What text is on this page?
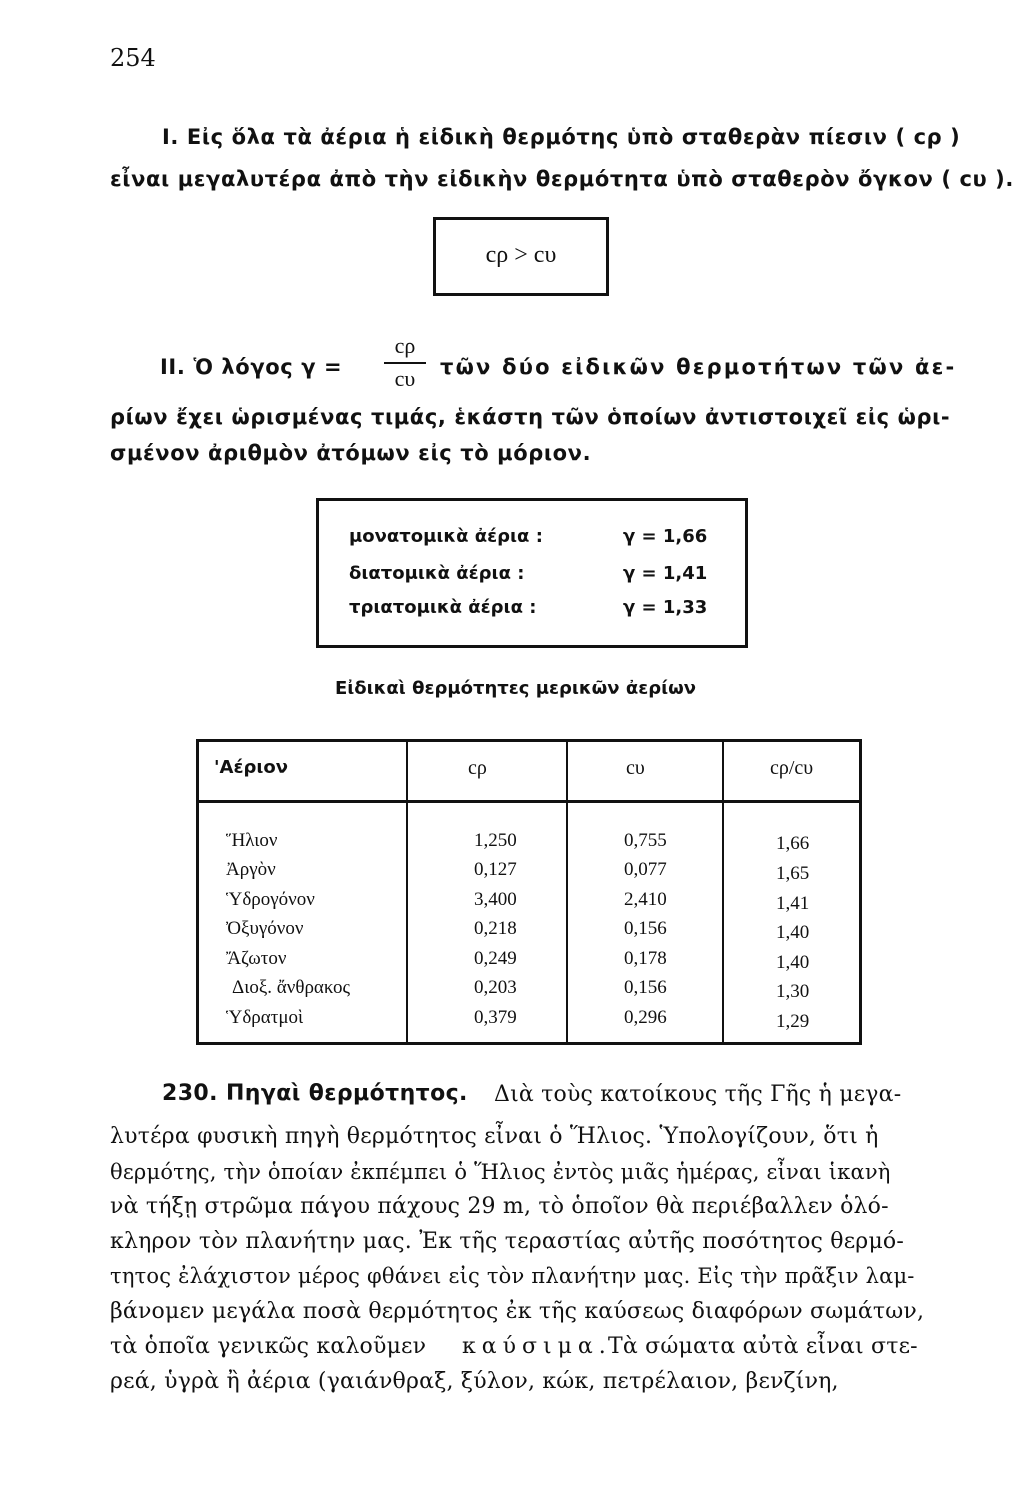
254
I. Εἰς ὅλα τὰ ἀέρια ἡ εἰδικὴ θερμότης ὑπὸ σταθερὰν πίεσιν ( cρ )
εἶναι μεγαλυτέρα ἀπὸ τὴν εἰδικὴν θερμότητα ὑπὸ σταθερὸν ὄγκον ( cυ ).
cρ > cυ
II. Ὁ λόγος γ =
cρ
cυ	τῶν δύο εἰδικῶν θερμοτήτων τῶν ἀε-
ρίων ἔχει ὡρισμένας τιμάς, ἑκάστη τῶν ὁποίων ἀντιστοιχεῖ εἰς ὡρι-
σμένον ἀριθμὸν ἀτόμων εἰς τὸ μόριον.
μονατομικὰ ἀέρια :	γ = 1,66
διατομικὰ ἀέρια :	γ = 1,41
τριατομικὰ ἀέρια :	γ = 1,33
Εἰδικαὶ θερμότητες μερικῶν ἀερίων
'Αέριον	cρ	cυ	cρ/cυ
Ἥλιον	1,250	0,755	1,66
Ἀργὸν	0,127	0,077	1,65
Ὑδρογόνον	3,400	2,410	1,41
Ὀξυγόνον	0,218	0,156	1,40
Ἄζωτον	0,249	0,178	1,40
Διοξ. ἄνθρακος	0,203	0,156	1,30
Ὑδρατμοὶ	0,379	0,296	1,29
230. Πηγαὶ θερμότητος. Διὰ τοὺς κατοίκους τῆς Γῆς ἡ μεγα-
λυτέρα φυσικὴ πηγὴ θερμότητος εἶναι ὁ Ἥλιος. Ὑπολογίζουν, ὅτι ἡ
θερμότης, τὴν ὁποίαν ἐκπέμπει ὁ Ἥλιος ἐντὸς μιᾶς ἡμέρας, εἶναι ἱκανὴ
νὰ τήξῃ στρῶμα πάγου πάχους 29 m, τὸ ὁποῖον θὰ περιέβαλλεν ὁλό-
κληρον τὸν πλανήτην μας. Ἐκ τῆς τεραστίας αὐτῆς ποσότητος θερμό-
τητος ἐλάχιστον μέρος φθάνει εἰς τὸν πλανήτην μας. Εἰς τὴν πρᾶξιν λαμ-
βάνομεν μεγάλα ποσὰ θερμότητος ἐκ τῆς καύσεως διαφόρων σωμάτων,
τὰ ὁποῖα γενικῶς καλοῦμεν καύσιμα.
Τὰ σώματα αὐτὰ εἶναι στε-
ρεά, ὑγρὰ ἢ ἀέρια (γαιάνθραξ, ξύλον, κώκ, πετρέλαιον, βενζίνη,
